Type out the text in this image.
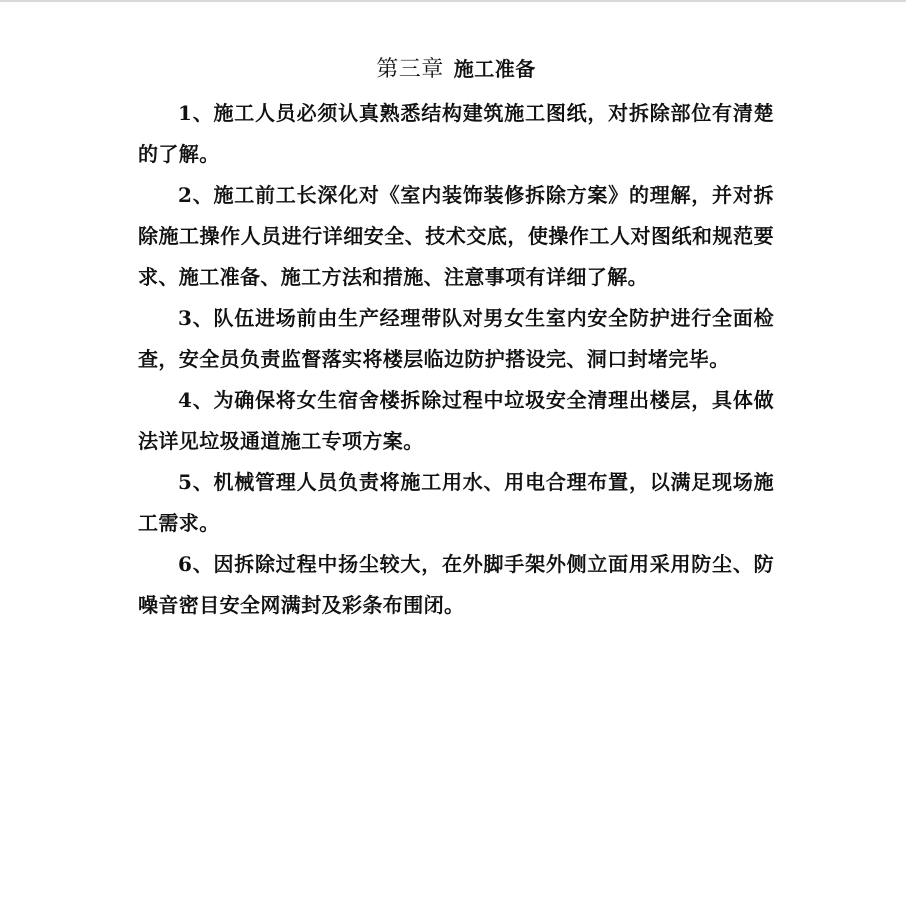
第三章 施工准备

1、施工人员必须认真熟悉结构建筑施工图纸，对拆除部位有清楚的了解。

2、施工前工长深化对《室内装饰装修拆除方案》的理解，并对拆除施工操作人员进行详细安全、技术交底，使操作工人对图纸和规范要求、施工准备、施工方法和措施、注意事项有详细了解。

3、队伍进场前由生产经理带队对男女生室内安全防护进行全面检查，安全员负责监督落实将楼层临边防护搭设完、洞口封堵完毕。

4、为确保将女生宿舍楼拆除过程中垃圾安全清理出楼层，具体做法详见垃圾通道施工专项方案。

5、机械管理人员负责将施工用水、用电合理布置，以满足现场施工需求。

6、因拆除过程中扬尘较大，在外脚手架外侧立面用采用防尘、防噪音密目安全网满封及彩条布围闭。
